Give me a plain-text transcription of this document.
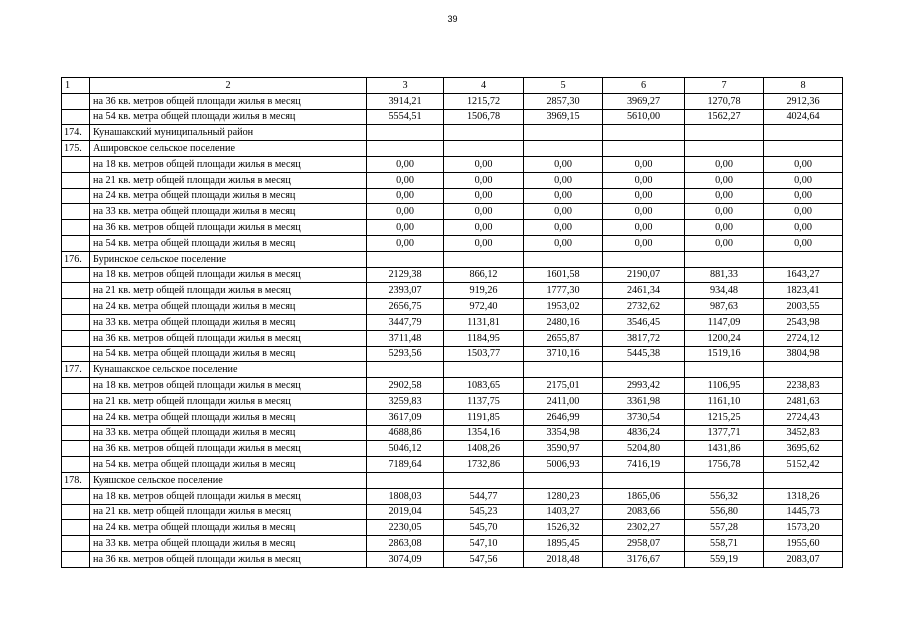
39
1	2	3	4	5	6	7	8
	на 36 кв. метров общей площади жилья в месяц	3914,21	1215,72	2857,30	3969,27	1270,78	2912,36
	на 54 кв. метра общей площади жилья в месяц	5554,51	1506,78	3969,15	5610,00	1562,27	4024,64
174.	Кунашакский муниципальный район						
175.	Аширoвское сельское поселение						
	на 18 кв. метров общей площади жилья в месяц	0,00	0,00	0,00	0,00	0,00	0,00
	на 21 кв. метр общей площади жилья в месяц	0,00	0,00	0,00	0,00	0,00	0,00
	на 24 кв. метра общей площади жилья в месяц	0,00	0,00	0,00	0,00	0,00	0,00
	на 33 кв. метра общей площади жилья в месяц	0,00	0,00	0,00	0,00	0,00	0,00
	на 36 кв. метров общей площади жилья в месяц	0,00	0,00	0,00	0,00	0,00	0,00
	на 54 кв. метра общей площади жилья в месяц	0,00	0,00	0,00	0,00	0,00	0,00
176.	Буринское сельское поселение						
	на 18 кв. метров общей площади жилья в месяц	2129,38	866,12	1601,58	2190,07	881,33	1643,27
	на 21 кв. метр общей площади жилья в месяц	2393,07	919,26	1777,30	2461,34	934,48	1823,41
	на 24 кв. метра общей площади жилья в месяц	2656,75	972,40	1953,02	2732,62	987,63	2003,55
	на 33 кв. метра общей площади жилья в месяц	3447,79	1131,81	2480,16	3546,45	1147,09	2543,98
	на 36 кв. метров общей площади жилья в месяц	3711,48	1184,95	2655,87	3817,72	1200,24	2724,12
	на 54 кв. метра общей площади жилья в месяц	5293,56	1503,77	3710,16	5445,38	1519,16	3804,98
177.	Кунашакское сельское поселение						
	на 18 кв. метров общей площади жилья в месяц	2902,58	1083,65	2175,01	2993,42	1106,95	2238,83
	на 21 кв. метр общей площади жилья в месяц	3259,83	1137,75	2411,00	3361,98	1161,10	2481,63
	на 24 кв. метра общей площади жилья в месяц	3617,09	1191,85	2646,99	3730,54	1215,25	2724,43
	на 33 кв. метра общей площади жилья в месяц	4688,86	1354,16	3354,98	4836,24	1377,71	3452,83
	на 36 кв. метров общей площади жилья в месяц	5046,12	1408,26	3590,97	5204,80	1431,86	3695,62
	на 54 кв. метра общей площади жилья в месяц	7189,64	1732,86	5006,93	7416,19	1756,78	5152,42
178.	Куяшское сельское поселение						
	на 18 кв. метров общей площади жилья в месяц	1808,03	544,77	1280,23	1865,06	556,32	1318,26
	на 21 кв. метр общей площади жилья в месяц	2019,04	545,23	1403,27	2083,66	556,80	1445,73
	на 24 кв. метра общей площади жилья в месяц	2230,05	545,70	1526,32	2302,27	557,28	1573,20
	на 33 кв. метра общей площади жилья в месяц	2863,08	547,10	1895,45	2958,07	558,71	1955,60
	на 36 кв. метров общей площади жилья в месяц	3074,09	547,56	2018,48	3176,67	559,19	2083,07
